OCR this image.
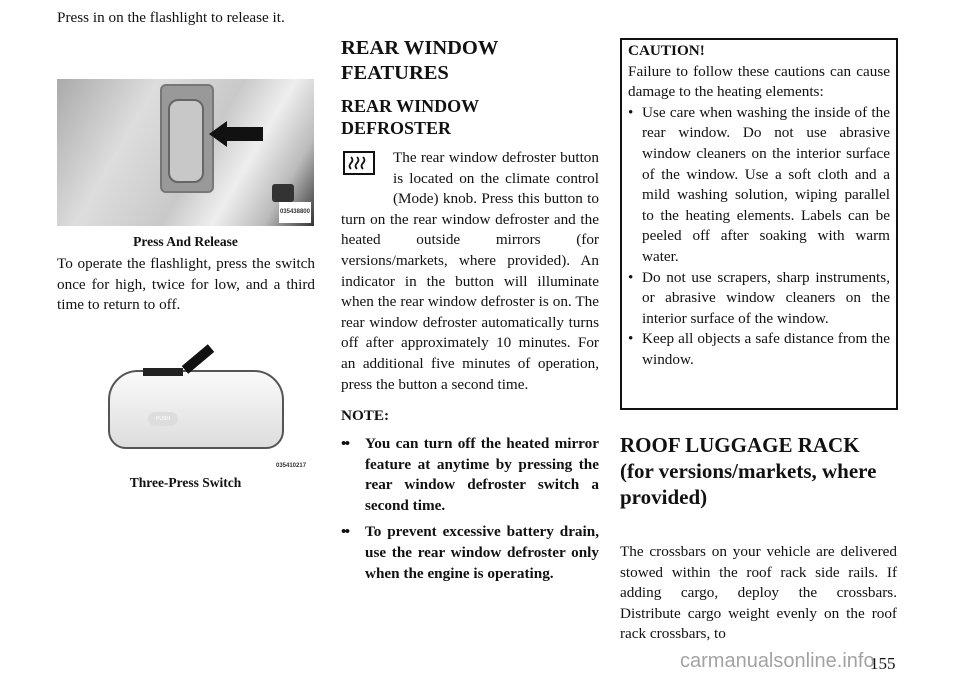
Press in on the flashlight to release it.

035438800
Press And Release

To operate the flashlight, press the switch once for high, twice for low, and a third time to return to off.

PUSH
035410217
Three-Press Switch
REAR WINDOW FEATURES
REAR WINDOW DEFROSTER

The rear window defroster button is located on the climate control (Mode) knob. Press this button to turn on the rear window defroster and the heated outside mirrors (for versions/markets, where provided). An indicator in the button will illuminate when the rear window defroster is on. The rear window defroster automatically turns off after approximately 10 minutes. For an additional five minutes of operation, press the button a second time.

NOTE:
•  • You can turn off the heated mirror feature at anytime by pressing the rear window defroster switch a second time.
•  • To prevent excessive battery drain, use the rear window defroster only when the engine is operating.
CAUTION!

Failure to follow these cautions can cause damage to the heating elements:

• Use care when washing the inside of the rear window. Do not use abrasive window cleaners on the interior surface of the window. Use a soft cloth and a mild washing solution, wiping parallel to the heating elements. Labels can be peeled off after soaking with warm water.
• Do not use scrapers, sharp instruments, or abrasive window cleaners on the interior surface of the window.
• Keep all objects a safe distance from the window.
ROOF LUGGAGE RACK (for versions/markets, where provided)

The crossbars on your vehicle are delivered stowed within the roof rack side rails. If adding cargo, deploy the crossbars. Distribute cargo weight evenly on the roof rack crossbars, to

155
carmanualsonline.info
